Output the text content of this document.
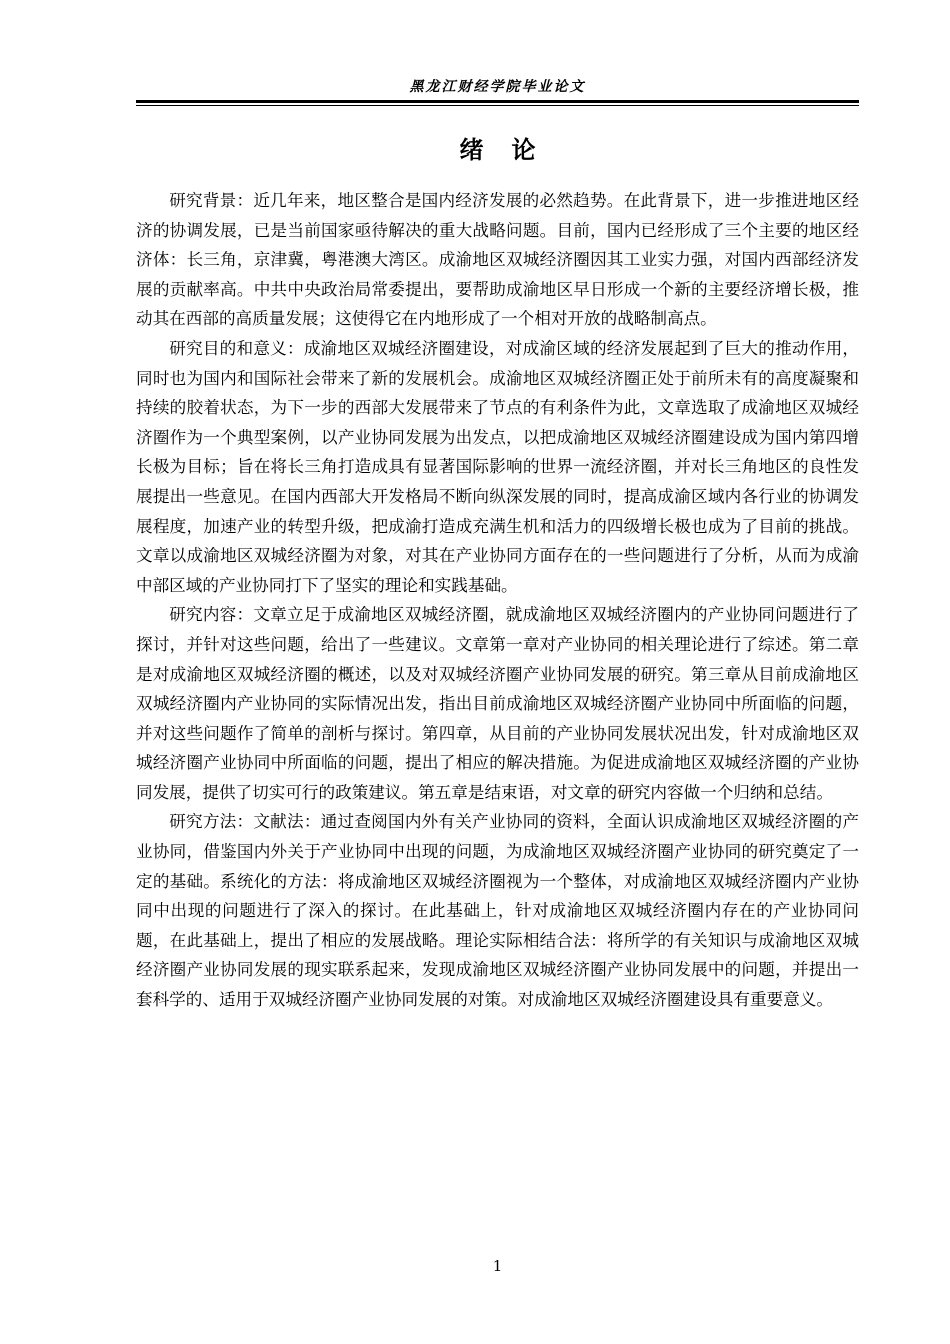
黑龙江财经学院毕业论文
绪论

研究背景：近几年来，地区整合是国内经济发展的必然趋势。在此背景下，进一步推进地区经济的协调发展，已是当前国家亟待解决的重大战略问题。目前，国内已经形成了三个主要的地区经济体：长三角，京津冀，粤港澳大湾区。成渝地区双城经济圈因其工业实力强，对国内西部经济发展的贡献率高。中共中央政治局常委提出，要帮助成渝地区早日形成一个新的主要经济增长极，推动其在西部的高质量发展；这使得它在内地形成了一个相对开放的战略制高点。

研究目的和意义：成渝地区双城经济圈建设，对成渝区域的经济发展起到了巨大的推动作用，同时也为国内和国际社会带来了新的发展机会。成渝地区双城经济圈正处于前所未有的高度凝聚和持续的胶着状态，为下一步的西部大发展带来了节点的有利条件为此，文章选取了成渝地区双城经济圈作为一个典型案例，以产业协同发展为出发点，以把成渝地区双城经济圈建设成为国内第四增长极为目标；旨在将长三角打造成具有显著国际影响的世界一流经济圈，并对长三角地区的良性发展提出一些意见。在国内西部大开发格局不断向纵深发展的同时，提高成渝区域内各行业的协调发展程度，加速产业的转型升级，把成渝打造成充满生机和活力的四级增长极也成为了目前的挑战。文章以成渝地区双城经济圈为对象，对其在产业协同方面存在的一些问题进行了分析，从而为成渝中部区域的产业协同打下了坚实的理论和实践基础。

研究内容：文章立足于成渝地区双城经济圈，就成渝地区双城经济圈内的产业协同问题进行了探讨，并针对这些问题，给出了一些建议。文章第一章对产业协同的相关理论进行了综述。第二章是对成渝地区双城经济圈的概述，以及对双城经济圈产业协同发展的研究。第三章从目前成渝地区双城经济圈内产业协同的实际情况出发，指出目前成渝地区双城经济圈产业协同中所面临的问题，并对这些问题作了简单的剖析与探讨。第四章，从目前的产业协同发展状况出发，针对成渝地区双城经济圈产业协同中所面临的问题，提出了相应的解决措施。为促进成渝地区双城经济圈的产业协同发展，提供了切实可行的政策建议。第五章是结束语，对文章的研究内容做一个归纳和总结。

研究方法：文献法：通过查阅国内外有关产业协同的资料，全面认识成渝地区双城经济圈的产业协同，借鉴国内外关于产业协同中出现的问题，为成渝地区双城经济圈产业协同的研究奠定了一定的基础。系统化的方法：将成渝地区双城经济圈视为一个整体，对成渝地区双城经济圈内产业协同中出现的问题进行了深入的探讨。在此基础上，针对成渝地区双城经济圈内存在的产业协同问题，在此基础上，提出了相应的发展战略。理论实际相结合法：将所学的有关知识与成渝地区双城经济圈产业协同发展的现实联系起来，发现成渝地区双城经济圈产业协同发展中的问题，并提出一套科学的、适用于双城经济圈产业协同发展的对策。对成渝地区双城经济圈建设具有重要意义。

1
